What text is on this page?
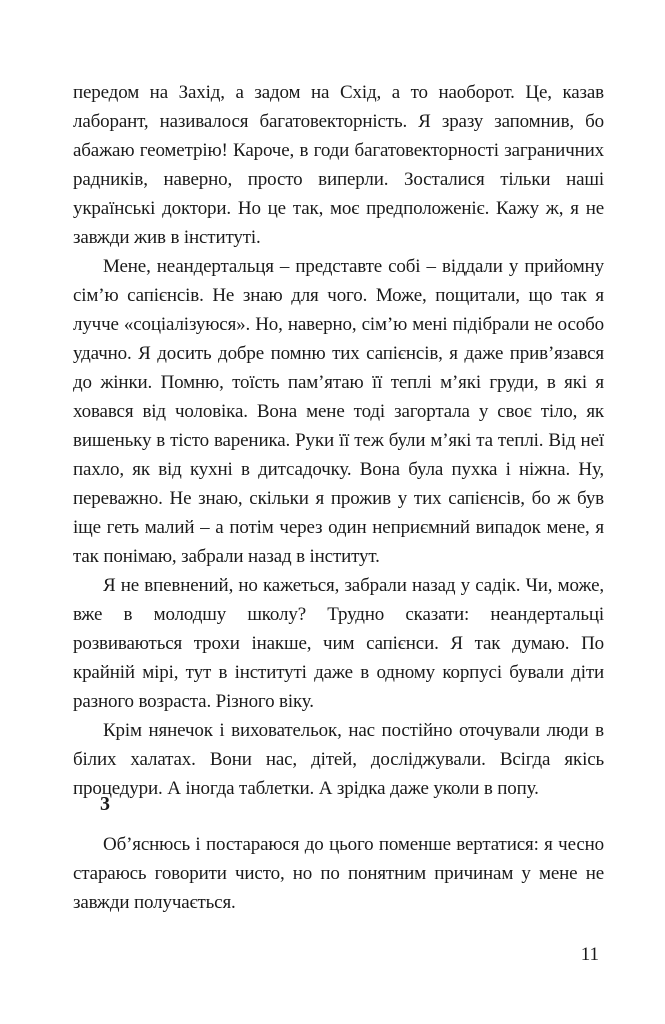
передом на Захід, а задом на Схід, а то наоборот. Це, казав лаборант, називалося багатовекторність. Я зразу запомнив, бо абажаю геометрію! Кароче, в годи багатовекторності заграничних радників, наверно, просто виперли. Зосталися тільки наші українські доктори. Но це так, моє предположеніє. Кажу ж, я не завжди жив в інституті.

Мене, неандертальця – представте собі – віддали у прийомну сім’ю сапієнсів. Не знаю для чого. Може, пощитали, що так я лучче «соціалізуюся». Но, наверно, сім’ю мені підібрали не особо удачно. Я досить добре помню тих сапієнсів, я даже прив’язався до жінки. Помню, тоїсть пам’ятаю її теплі м’які груди, в які я ховався від чоловіка. Вона мене тоді загортала у своє тіло, як вишеньку в тісто вареника. Руки її теж були м’які та теплі. Від неї пахло, як від кухні в дитсадочку. Вона була пухка і ніжна. Ну, переважно. Не знаю, скільки я прожив у тих сапієнсів, бо ж був іще геть малий – а потім через один неприємний випадок мене, я так понімаю, забрали назад в інститут.

Я не впевнений, но кажеться, забрали назад у садік. Чи, може, вже в молодшу школу? Трудно сказати: неандертальці розвиваються трохи інакше, чим сапієнси. Я так думаю. По крайній мірі, тут в інституті даже в одному корпусі бували діти разного возраста. Різного віку.

Крім нянечок і виховательок, нас постійно оточували люди в білих халатах. Вони нас, дітей, досліджували. Всігда якісь процедури. А іногда таблетки. А зрідка даже уколи в попу.

3

Об’яснюсь і постараюся до цього поменше вертатися: я чесно стараюсь говорити чисто, но по понятним причинам у мене не завжди получається.

11
